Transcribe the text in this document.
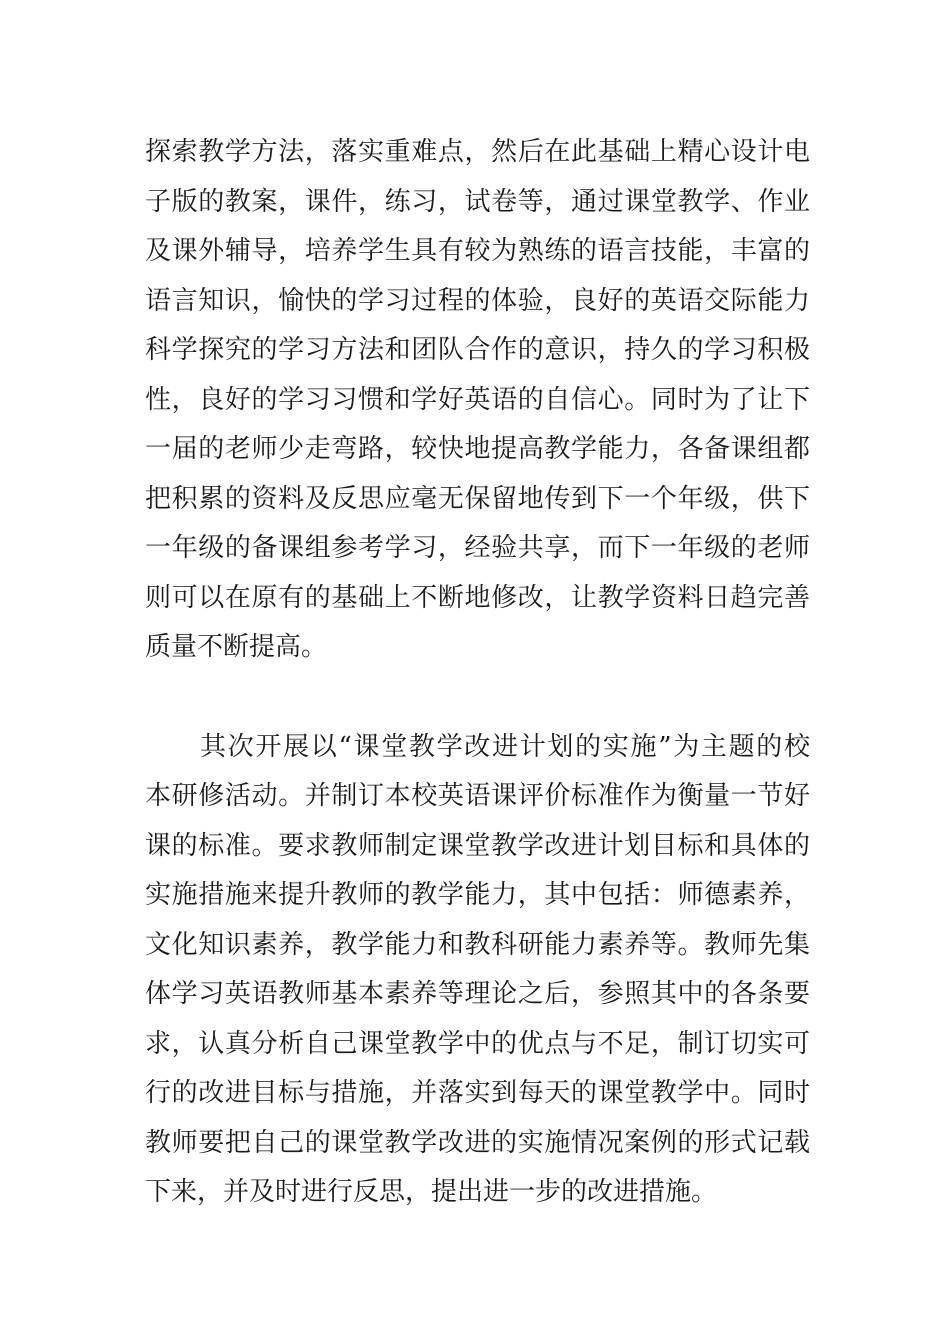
探索教学方法，落实重难点，然后在此基础上精心设计电
子版的教案，课件，练习，试卷等，通过课堂教学、作业
及课外辅导，培养学生具有较为熟练的语言技能，丰富的
语言知识，愉快的学习过程的体验，良好的英语交际能力
科学探究的学习方法和团队合作的意识，持久的学习积极
性，良好的学习习惯和学好英语的自信心。同时为了让下
一届的老师少走弯路，较快地提高教学能力，各备课组都
把积累的资料及反思应毫无保留地传到下一个年级，供下
一年级的备课组参考学习，经验共享，而下一年级的老师
则可以在原有的基础上不断地修改，让教学资料日趋完善
质量不断提高。
其次开展以“课堂教学改进计划的实施”为主题的校
本研修活动。并制订本校英语课评价标准作为衡量一节好
课的标准。要求教师制定课堂教学改进计划目标和具体的
实施措施来提升教师的教学能力，其中包括：师德素养，
文化知识素养，教学能力和教科研能力素养等。教师先集
体学习英语教师基本素养等理论之后，参照其中的各条要
求，认真分析自己课堂教学中的优点与不足，制订切实可
行的改进目标与措施，并落实到每天的课堂教学中。同时
教师要把自己的课堂教学改进的实施情况案例的形式记载
下来，并及时进行反思，提出进一步的改进措施。
